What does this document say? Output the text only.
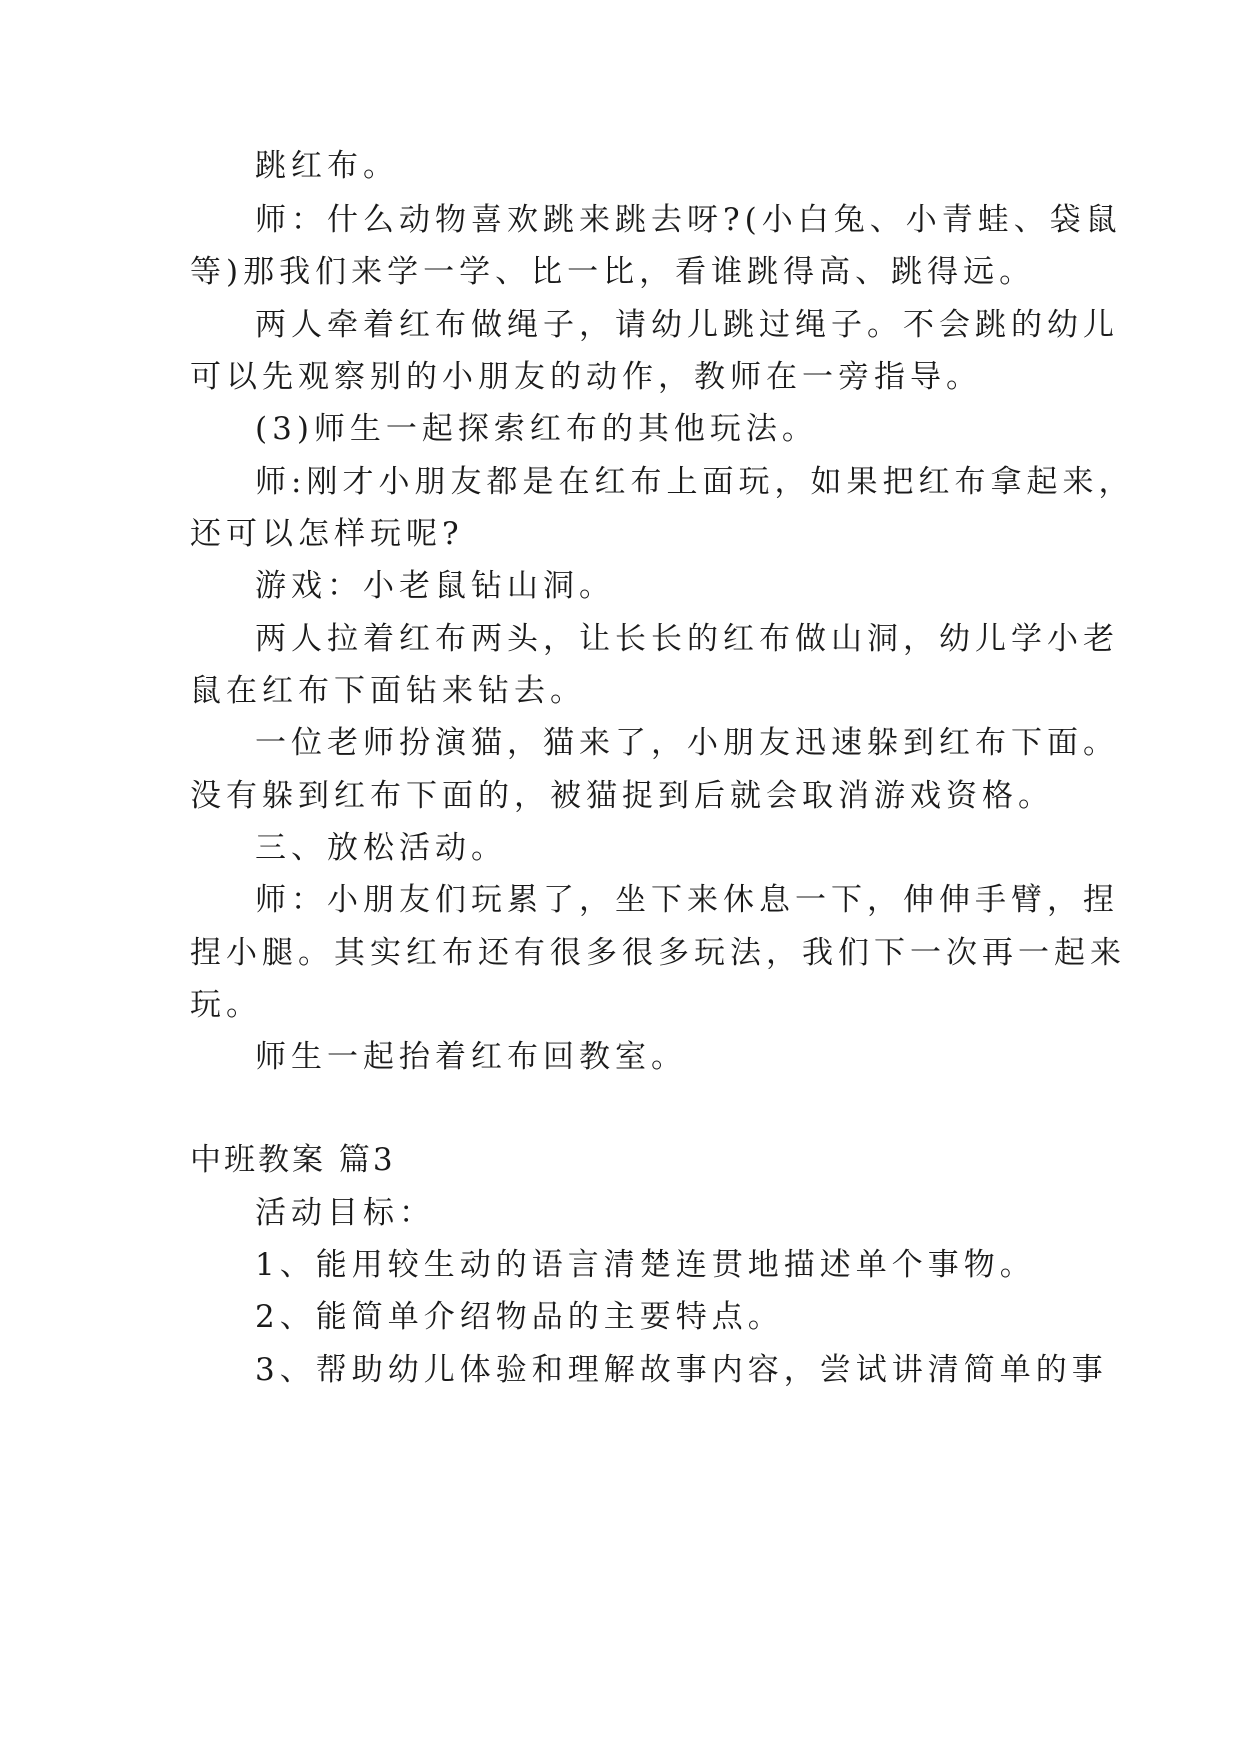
跳红布。

师：什么动物喜欢跳来跳去呀?(小白兔、小青蛙、袋鼠

等)那我们来学一学、比一比，看谁跳得高、跳得远。

两人牵着红布做绳子，请幼儿跳过绳子。不会跳的幼儿

可以先观察别的小朋友的动作，教师在一旁指导。

(3)师生一起探索红布的其他玩法。

师:刚才小朋友都是在红布上面玩，如果把红布拿起来，

还可以怎样玩呢?

游戏：小老鼠钻山洞。

两人拉着红布两头，让长长的红布做山洞，幼儿学小老

鼠在红布下面钻来钻去。

一位老师扮演猫，猫来了，小朋友迅速躲到红布下面。

没有躲到红布下面的，被猫捉到后就会取消游戏资格。

三、放松活动。

师：小朋友们玩累了，坐下来休息一下，伸伸手臂，捏

捏小腿。其实红布还有很多很多玩法，我们下一次再一起来

玩。

师生一起抬着红布回教室。

中班教案 篇3

活动目标：

1、能用较生动的语言清楚连贯地描述单个事物。

2、能简单介绍物品的主要特点。

3、帮助幼儿体验和理解故事内容，尝试讲清简单的事
